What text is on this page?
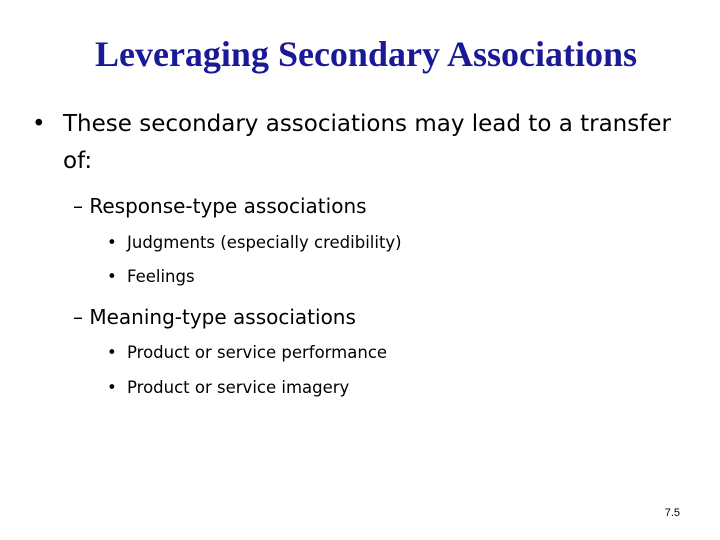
Leveraging Secondary Associations
• These secondary associations may lead to a transfer of:
– Response-type associations
• Judgments (especially credibility)
• Feelings
– Meaning-type associations
• Product or service performance
• Product or service imagery
7.5
